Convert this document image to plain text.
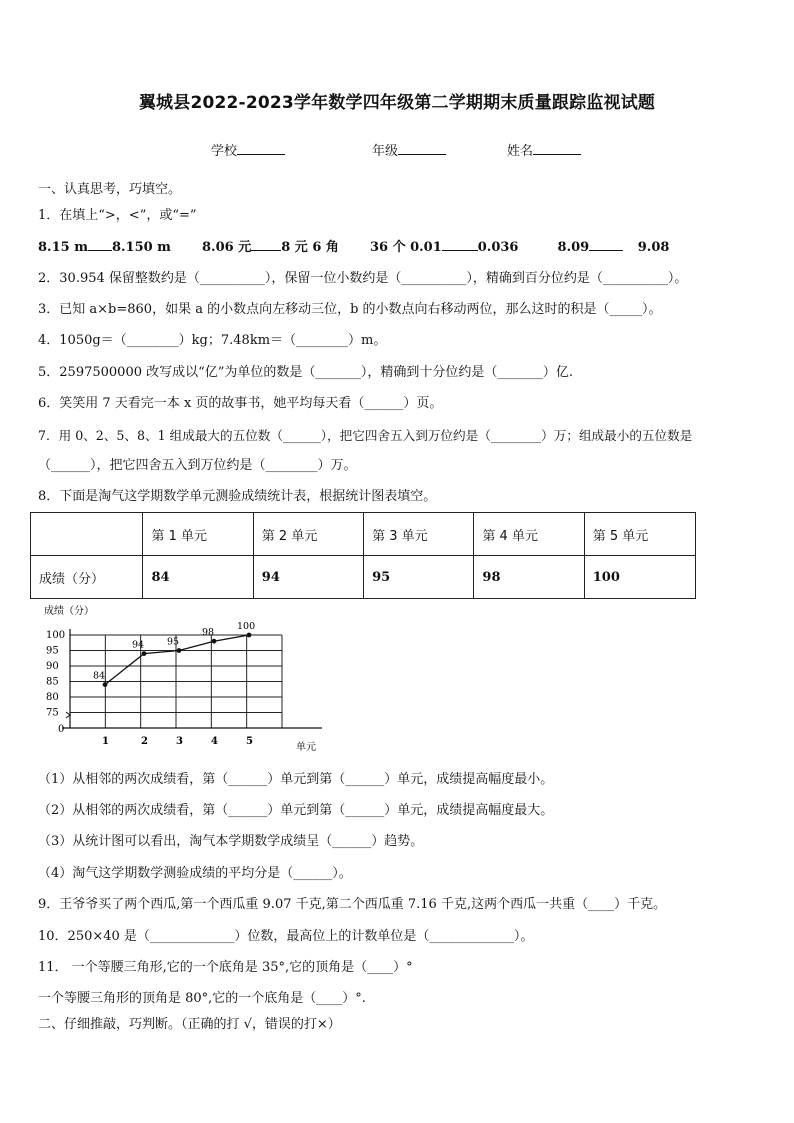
翼城县2022-2023学年数学四年级第二学期期末质量跟踪监视试题
学校	年级	姓名
一、认真思考，巧填空。
1．在填上“>，<”，或“=”
8.15 m 8.150 m 8.06 元 8 元 6 角 36 个 0.01	0.036	8.09	9.08
2．30.954 保留整数约是（__________），保留一位小数约是（__________），精确到百分位约是（__________）。
3．已知 a×b=860，如果 a 的小数点向左移动三位，b 的小数点向右移动两位，那么这时的积是（_____）。
4．1050g＝（________）kg；7.48km＝（________）m。
5．2597500000 改写成以“亿”为单位的数是（_______），精确到十分位约是（_______）亿.
6．笑笑用 7 天看完一本 x 页的故事书，她平均每天看（______）页。
7．用 0、2、5、8、1 组成最大的五位数（______），把它四舍五入到万位约是（________）万；组成最小的五位数是
（______），把它四舍五入到万位约是（________）万。
8．下面是淘气这学期数学单元测验成绩统计表，根据统计图表填空。
	第 1 单元	第 2 单元	第 3 单元	第 4 单元	第 5 单元
成绩（分）	84	94	95	98	100
成绩（分）
单元
0
75
80
85
90
95
100
1	2	3	4	5
84
94 95
98
100
（1）从相邻的两次成绩看，第（______）单元到第（______）单元，成绩提高幅度最小。
（2）从相邻的两次成绩看，第（______）单元到第（______）单元，成绩提高幅度最大。
（3）从统计图可以看出，淘气本学期数学成绩呈（______）趋势。
（4）淘气这学期数学测验成绩的平均分是（______）。
9．王爷爷买了两个西瓜,第一个西瓜重 9.07 千克,第二个西瓜重 7.16 千克,这两个西瓜一共重（____）千克。
10．250×40 是（_____________）位数，最高位上的计数单位是（_____________）。
11． 一个等腰三角形,它的一个底角是 35°,它的顶角是（____）°
一个等腰三角形的顶角是 80°,它的一个底角是（____）°.
二、仔细推敲，巧判断。（正确的打 √，错误的打×）
